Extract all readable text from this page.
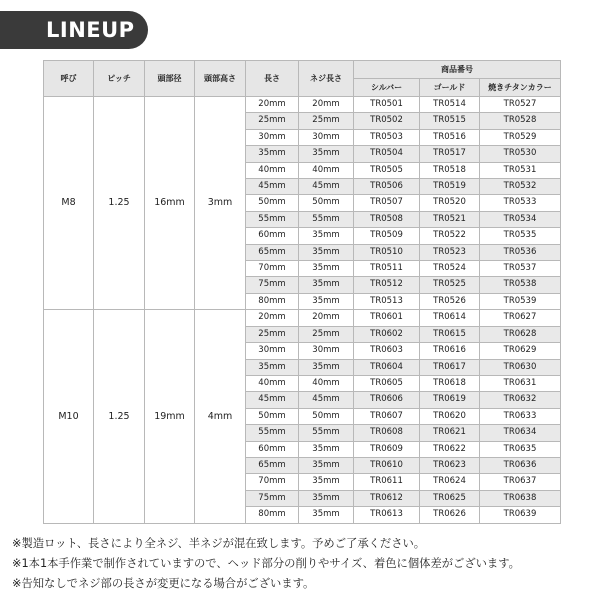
LINEUP
呼び	ピッチ	頭部径	頭部高さ	長さ	ネジ長さ	商品番号		
						シルバー	ゴールド	焼きチタンカラー
M8	1.25	16mm	3mm	20mm	20mm	TR0501	TR0514	TR0527
				25mm	25mm	TR0502	TR0515	TR0528
				30mm	30mm	TR0503	TR0516	TR0529
				35mm	35mm	TR0504	TR0517	TR0530
				40mm	40mm	TR0505	TR0518	TR0531
				45mm	45mm	TR0506	TR0519	TR0532
				50mm	50mm	TR0507	TR0520	TR0533
				55mm	55mm	TR0508	TR0521	TR0534
				60mm	35mm	TR0509	TR0522	TR0535
				65mm	35mm	TR0510	TR0523	TR0536
				70mm	35mm	TR0511	TR0524	TR0537
				75mm	35mm	TR0512	TR0525	TR0538
				80mm	35mm	TR0513	TR0526	TR0539
M10	1.25	19mm	4mm	20mm	20mm	TR0601	TR0614	TR0627
				25mm	25mm	TR0602	TR0615	TR0628
				30mm	30mm	TR0603	TR0616	TR0629
				35mm	35mm	TR0604	TR0617	TR0630
				40mm	40mm	TR0605	TR0618	TR0631
				45mm	45mm	TR0606	TR0619	TR0632
				50mm	50mm	TR0607	TR0620	TR0633
				55mm	55mm	TR0608	TR0621	TR0634
				60mm	35mm	TR0609	TR0622	TR0635
				65mm	35mm	TR0610	TR0623	TR0636
				70mm	35mm	TR0611	TR0624	TR0637
				75mm	35mm	TR0612	TR0625	TR0638
				80mm	35mm	TR0613	TR0626	TR0639
※製造ロット、長さにより全ネジ、半ネジが混在致します。予めご了承ください。
※1本1本手作業で制作されていますので、ヘッド部分の削りやサイズ、着色に個体差がございます。
※告知なしでネジ部の長さが変更になる場合がございます。
